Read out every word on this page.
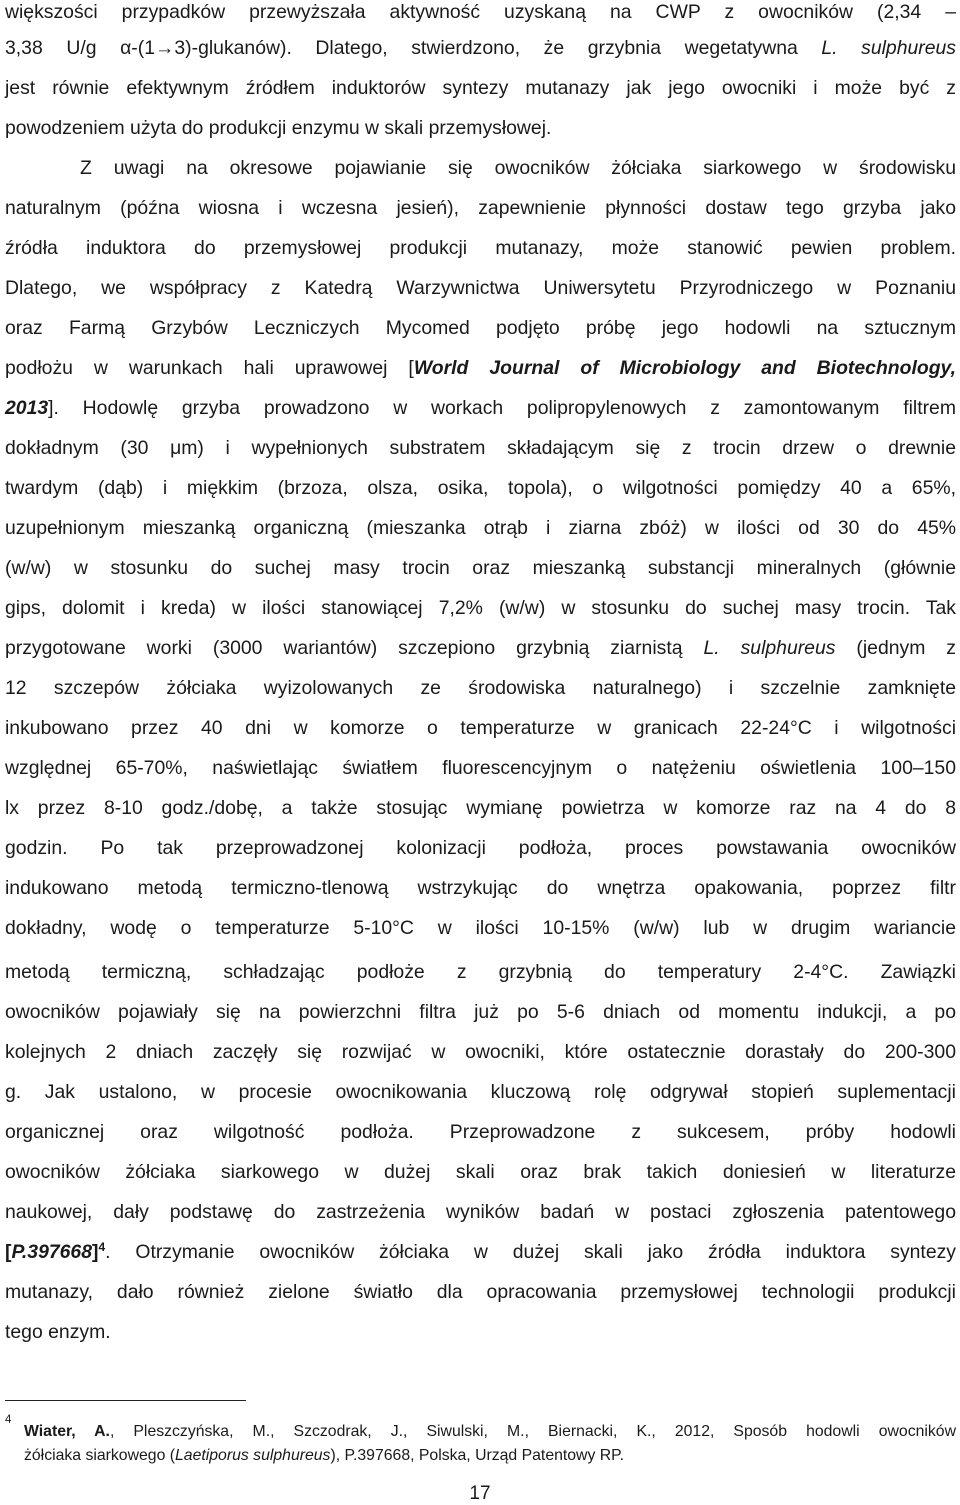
większości przypadków przewyższała aktywność uzyskaną na CWP z owocników (2,34 –
3,38 U/g α-(1→3)-glukanów). Dlatego, stwierdzono, że grzybnia wegetatywna L. sulphureus
jest równie efektywnym źródłem induktorów syntezy mutanazy jak jego owocniki i może być z
powodzeniem użyta do produkcji enzymu w skali przemysłowej.
Z uwagi na okresowe pojawianie się owocników żółciaka siarkowego w środowisku
naturalnym (późna wiosna i wczesna jesień), zapewnienie płynności dostaw tego grzyba jako
źródła induktora do przemysłowej produkcji mutanazy, może stanowić pewien problem.
Dlatego, we współpracy z Katedrą Warzywnictwa Uniwersytetu Przyrodniczego w Poznaniu
oraz Farmą Grzybów Leczniczych Mycomed podjęto próbę jego hodowli na sztucznym
podłożu w warunkach hali uprawowej [World Journal of Microbiology and Biotechnology,
2013]. Hodowlę grzyba prowadzono w workach polipropylenowych z zamontowanym filtrem
dokładnym (30 μm) i wypełnionych substratem składającym się z trocin drzew o drewnie
twardym (dąb) i miękkim (brzoza, olsza, osika, topola), o wilgotności pomiędzy 40 a 65%,
uzupełnionym mieszanką organiczną (mieszanka otrąb i ziarna zbóż) w ilości od 30 do 45%
(w/w) w stosunku do suchej masy trocin oraz mieszanką substancji mineralnych (głównie
gips, dolomit i kreda) w ilości stanowiącej 7,2% (w/w) w stosunku do suchej masy trocin. Tak
przygotowane worki (3000 wariantów) szczepiono grzybnią ziarnistą L. sulphureus (jednym z
12 szczepów żółciaka wyizolowanych ze środowiska naturalnego) i szczelnie zamknięte
inkubowano przez 40 dni w komorze o temperaturze w granicach 22-24°C i wilgotności
względnej 65-70%, naświetlając światłem fluorescencyjnym o natężeniu oświetlenia 100–150
lx przez 8-10 godz./dobę, a także stosując wymianę powietrza w komorze raz na 4 do 8
godzin. Po tak przeprowadzonej kolonizacji podłoża, proces powstawania owocników
indukowano metodą termiczno-tlenową wstrzykując do wnętrza opakowania, poprzez filtr
dokładny, wodę o temperaturze 5-10°C w ilości 10-15% (w/w) lub w drugim wariancie
metodą termiczną, schładzając podłoże z grzybnią do temperatury 2-4°C. Zawiązki
owocników pojawiały się na powierzchni filtra już po 5-6 dniach od momentu indukcji, a po
kolejnych 2 dniach zaczęły się rozwijać w owocniki, które ostatecznie dorastały do 200-300
g. Jak ustalono, w procesie owocnikowania kluczową rolę odgrywał stopień suplementacji
organicznej oraz wilgotność podłoża. Przeprowadzone z sukcesem, próby hodowli
owocników żółciaka siarkowego w dużej skali oraz brak takich doniesień w literaturze
naukowej, dały podstawę do zastrzeżenia wyników badań w postaci zgłoszenia patentowego
$[P.397668]^4$. Otrzymanie owocników żółciaka w dużej skali jako źródła induktora syntezy
mutanazy, dało również zielone światło dla opracowania przemysłowej technologii produkcji
tego enzym.
4
Wiater, A., Pleszczyńska, M., Szczodrak, J., Siwulski, M., Biernacki, K., 2012, Sposób hodowli owocników
żółciaka siarkowego (Laetiporus sulphureus), P.397668, Polska, Urząd Patentowy RP.
17
